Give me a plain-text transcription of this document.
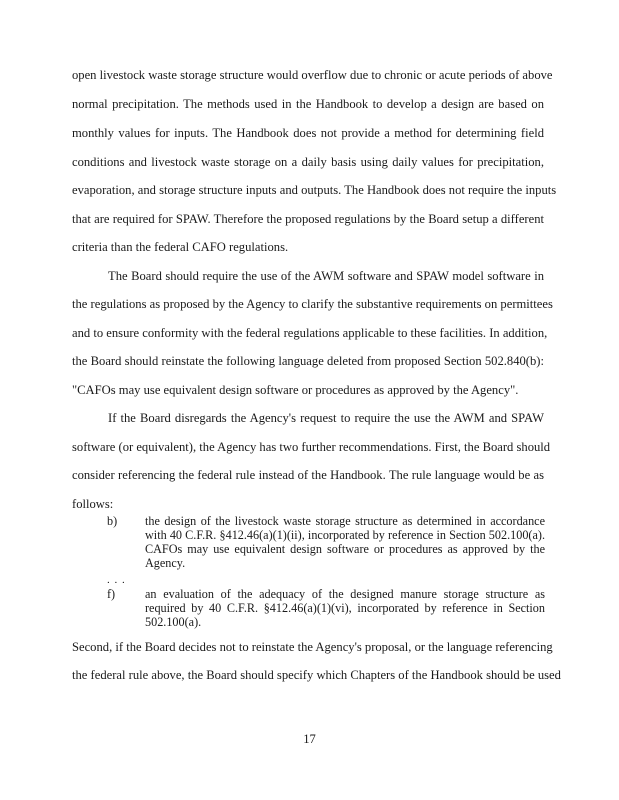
open livestock waste storage structure would overflow due to chronic or acute periods of above
normal precipitation. The methods used in the Handbook to develop a design are based on
monthly values for inputs. The Handbook does not provide a method for determining field
conditions and livestock waste storage on a daily basis using daily values for precipitation,
evaporation, and storage structure inputs and outputs. The Handbook does not require the inputs
that are required for SPAW. Therefore the proposed regulations by the Board setup a different
criteria than the federal CAFO regulations.
The Board should require the use of the AWM software and SPAW model software in
the regulations as proposed by the Agency to clarify the substantive requirements on permittees
and to ensure conformity with the federal regulations applicable to these facilities. In addition,
the Board should reinstate the following language deleted from proposed Section 502.840(b):
"CAFOs may use equivalent design software or procedures as approved by the Agency".
If the Board disregards the Agency's request to require the use the AWM and SPAW
software (or equivalent), the Agency has two further recommendations. First, the Board should
consider referencing the federal rule instead of the Handbook. The rule language would be as
follows:
b) the design of the livestock waste storage structure as determined in accordance
with 40 C.F.R. §412.46(a)(1)(ii), incorporated by reference in Section 502.100(a).
CAFOs may use equivalent design software or procedures as approved by the
Agency.
. . .
f) an evaluation of the adequacy of the designed manure storage structure as
required by 40 C.F.R. §412.46(a)(1)(vi), incorporated by reference in Section
502.100(a).
Second, if the Board decides not to reinstate the Agency's proposal, or the language referencing
the federal rule above, the Board should specify which Chapters of the Handbook should be used
17
